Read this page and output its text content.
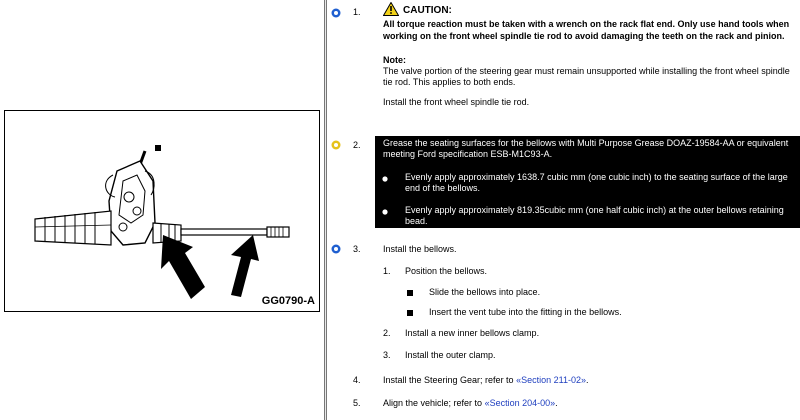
GG0790-A
1.	CAUTION:

All torque reaction must be taken with a wrench on the rack flat end. Only use hand tools when working on the front wheel spindle tie rod to avoid damaging the teeth on the rack and pinion.

Note:

The valve portion of the steering gear must remain unsupported while installing the front wheel spindle tie rod. This applies to both ends.

Install the front wheel spindle tie rod.

2. Grease the seating surfaces for the bellows with Multi Purpose Grease DOAZ-19584-AA or equivalent meeting Ford specification ESB-M1C93-A.

Evenly apply approximately 1638.7 cubic mm (one cubic inch) to the seating surface of the large end of the bellows.

Evenly apply approximately 819.35cubic mm (one half cubic inch) at the outer bellows retaining bead.

3. Install the bellows.
1. Position the bellows.
Slide the bellows into place.
Insert the vent tube into the fitting in the bellows.
2. Install a new inner bellows clamp.
3. Install the outer clamp.
4. Install the Steering Gear; refer to «Section 211-02».
5. Align the vehicle; refer to «Section 204-00».
